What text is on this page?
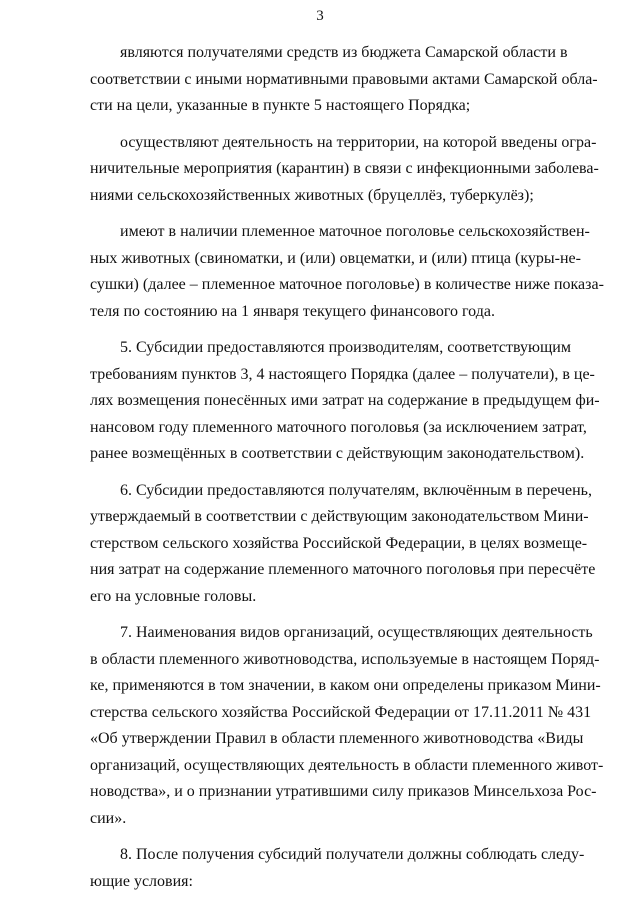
3
являются получателями средств из бюджета Самарской области в
соответствии с иными нормативными правовыми актами Самарской обла-
сти на цели, указанные в пункте 5 настоящего Порядка;
осуществляют деятельность на территории, на которой введены огра-
ничительные мероприятия (карантин) в связи с инфекционными заболева-
ниями сельскохозяйственных животных (бруцеллёз, туберкулёз);
имеют в наличии племенное маточное поголовье сельскохозяйствен-
ных животных (свиноматки, и (или) овцематки, и (или) птица (куры-не-
сушки) (далее – племенное маточное поголовье) в количестве ниже показа-
теля по состоянию на 1 января текущего финансового года.
5. Субсидии предоставляются производителям, соответствующим
требованиям пунктов 3, 4 настоящего Порядка (далее – получатели), в це-
лях возмещения понесённых ими затрат на содержание в предыдущем фи-
нансовом году племенного маточного поголовья (за исключением затрат,
ранее возмещённых в соответствии с действующим законодательством).
6. Субсидии предоставляются получателям, включённым в перечень,
утверждаемый в соответствии с действующим законодательством Мини-
стерством сельского хозяйства Российской Федерации, в целях возмеще-
ния затрат на содержание племенного маточного поголовья при пересчёте
его на условные головы.
7. Наименования видов организаций, осуществляющих деятельность
в области племенного животноводства, используемые в настоящем Поряд-
ке, применяются в том значении, в каком они определены приказом Мини-
стерства сельского хозяйства Российской Федерации от 17.11.2011 № 431
«Об утверждении Правил в области племенного животноводства «Виды
организаций, осуществляющих деятельность в области племенного живот-
новодства», и о признании утратившими силу приказов Минсельхоза Рос-
сии».
8. После получения субсидий получатели должны соблюдать следу-
ющие условия:
